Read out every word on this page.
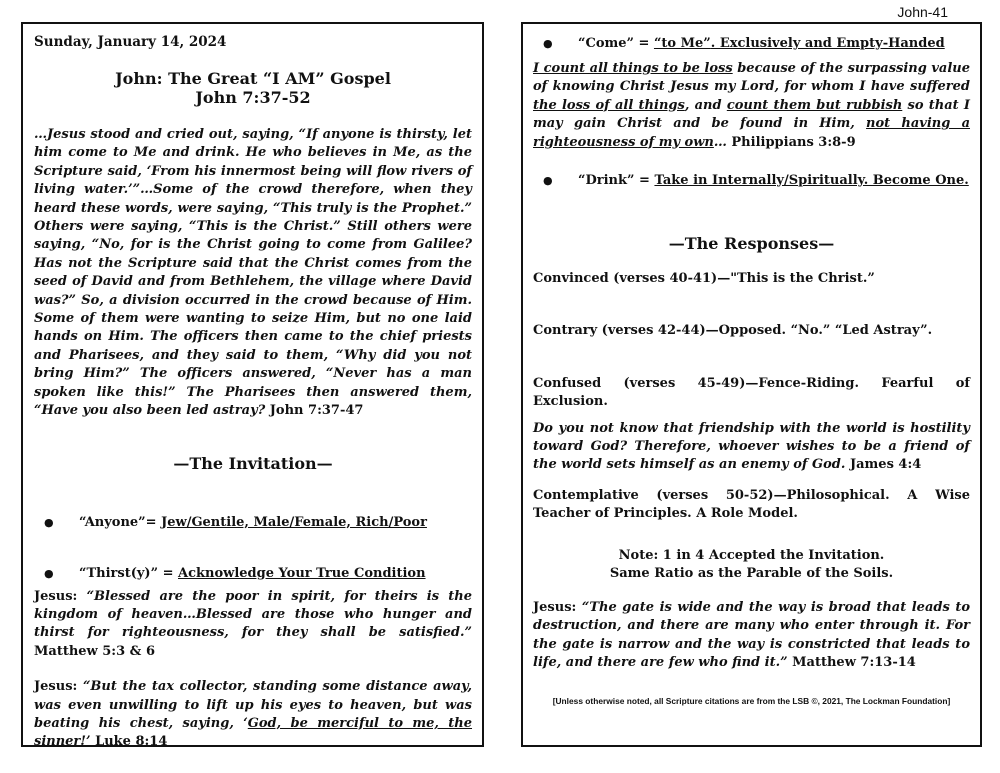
John-41

Sunday, January 14, 2024

John: The Great “I AM” Gospel

John 7:37-52

…Jesus stood and cried out, saying, “If anyone is thirsty, let him come to Me and drink. He who believes in Me, as the Scripture said, ‘From his innermost being will flow rivers of living water.’”…Some of the crowd therefore, when they heard these words, were saying, “This truly is the Prophet.” Others were saying, “This is the Christ.” Still others were saying, “No, for is the Christ going to come from Galilee? Has not the Scripture said that the Christ comes from the seed of David and from Bethlehem, the village where David was?” So, a division occurred in the crowd because of Him. Some of them were wanting to seize Him, but no one laid hands on Him. The officers then came to the chief priests and Pharisees, and they said to them, “Why did you not bring Him?” The officers answered, “Never has a man spoken like this!” The Pharisees then answered them, “Have you also been led astray? John 7:37-47

—The Invitation—

●	“Anyone”= Jew/Gentile, Male/Female, Rich/Poor
●	“Thirst(y)” = Acknowledge Your True Condition

Jesus: “Blessed are the poor in spirit, for theirs is the kingdom of heaven…Blessed are those who hunger and thirst for righteousness, for they shall be satisfied.” Matthew 5:3 & 6

Jesus: “But the tax collector, standing some distance away, was even unwilling to lift up his eyes to heaven, but was beating his chest, saying, ‘God, be merciful to me, the sinner!’ Luke 8:14

●	“Come” = “to Me”. Exclusively and Empty-Handed

I count all things to be loss because of the surpassing value of knowing Christ Jesus my Lord, for whom I have suffered the loss of all things, and count them but rubbish so that I may gain Christ and be found in Him, not having a righteousness of my own… Philippians 3:8-9

●	“Drink” = Take in Internally/Spiritually. Become One.

—The Responses—

Convinced (verses 40-41)—"This is the Christ.”

Contrary (verses 42-44)—Opposed. “No.” “Led Astray”.

Confused (verses 45-49)—Fence-Riding. Fearful of Exclusion.

Do you not know that friendship with the world is hostility toward God? Therefore, whoever wishes to be a friend of the world sets himself as an enemy of God. James 4:4

Contemplative (verses 50-52)—Philosophical. A Wise Teacher of Principles. A Role Model.

Note: 1 in 4 Accepted the Invitation.

Same Ratio as the Parable of the Soils.

Jesus: “The gate is wide and the way is broad that leads to destruction, and there are many who enter through it. For the gate is narrow and the way is constricted that leads to life, and there are few who find it.” Matthew 7:13-14

[Unless otherwise noted, all Scripture citations are from the LSB ©, 2021, The Lockman Foundation]
